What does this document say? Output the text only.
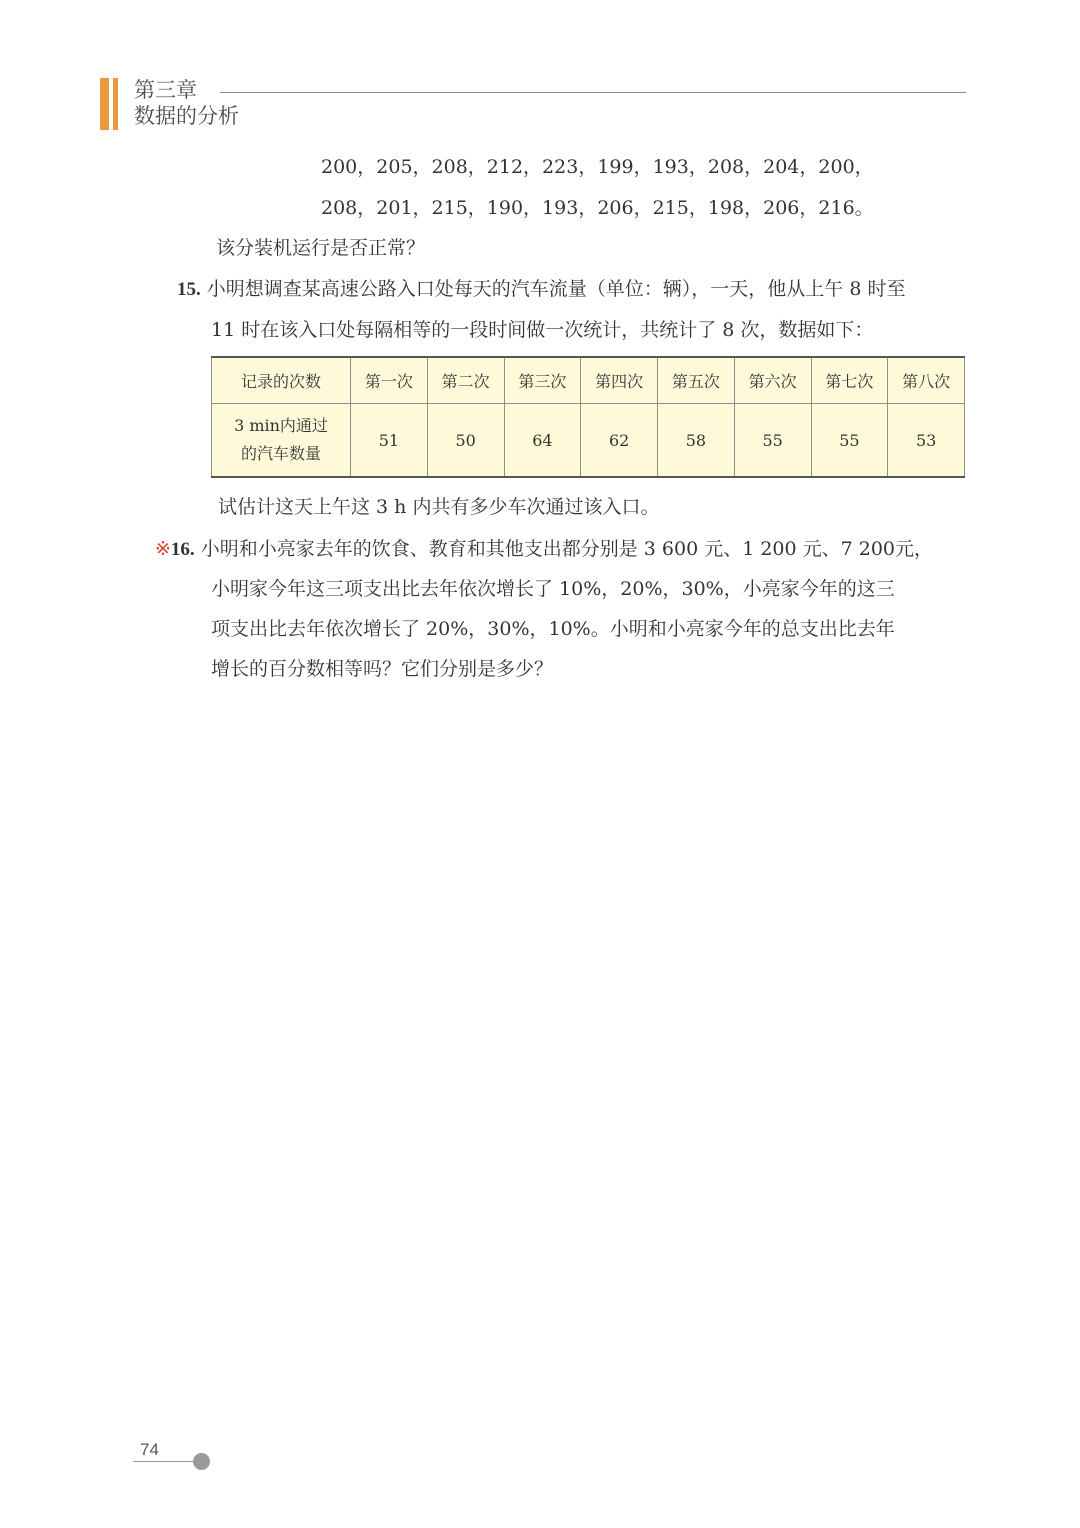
第三章
数据的分析
200，205，208，212，223，199，193，208，204，200，
208，201，215，190，193，206，215，198，206，216。
该分装机运行是否正常？
15. 小明想调查某高速公路入口处每天的汽车流量（单位：辆），一天，他从上午 8 时至
11 时在该入口处每隔相等的一段时间做一次统计，共统计了 8 次，数据如下：
记录的次数	第一次	第二次	第三次	第四次	第五次	第六次	第七次	第八次

3 min内通过
的汽车数量	51	50	64	62	58	55	55	53
试估计这天上午这 3 h 内共有多少车次通过该入口。
※16. 小明和小亮家去年的饮食、教育和其他支出都分别是 3 600 元、1 200 元、7 200元，
小明家今年这三项支出比去年依次增长了 10%，20%，30%，小亮家今年的这三
项支出比去年依次增长了 20%，30%，10%。小明和小亮家今年的总支出比去年
增长的百分数相等吗？它们分别是多少？
74
